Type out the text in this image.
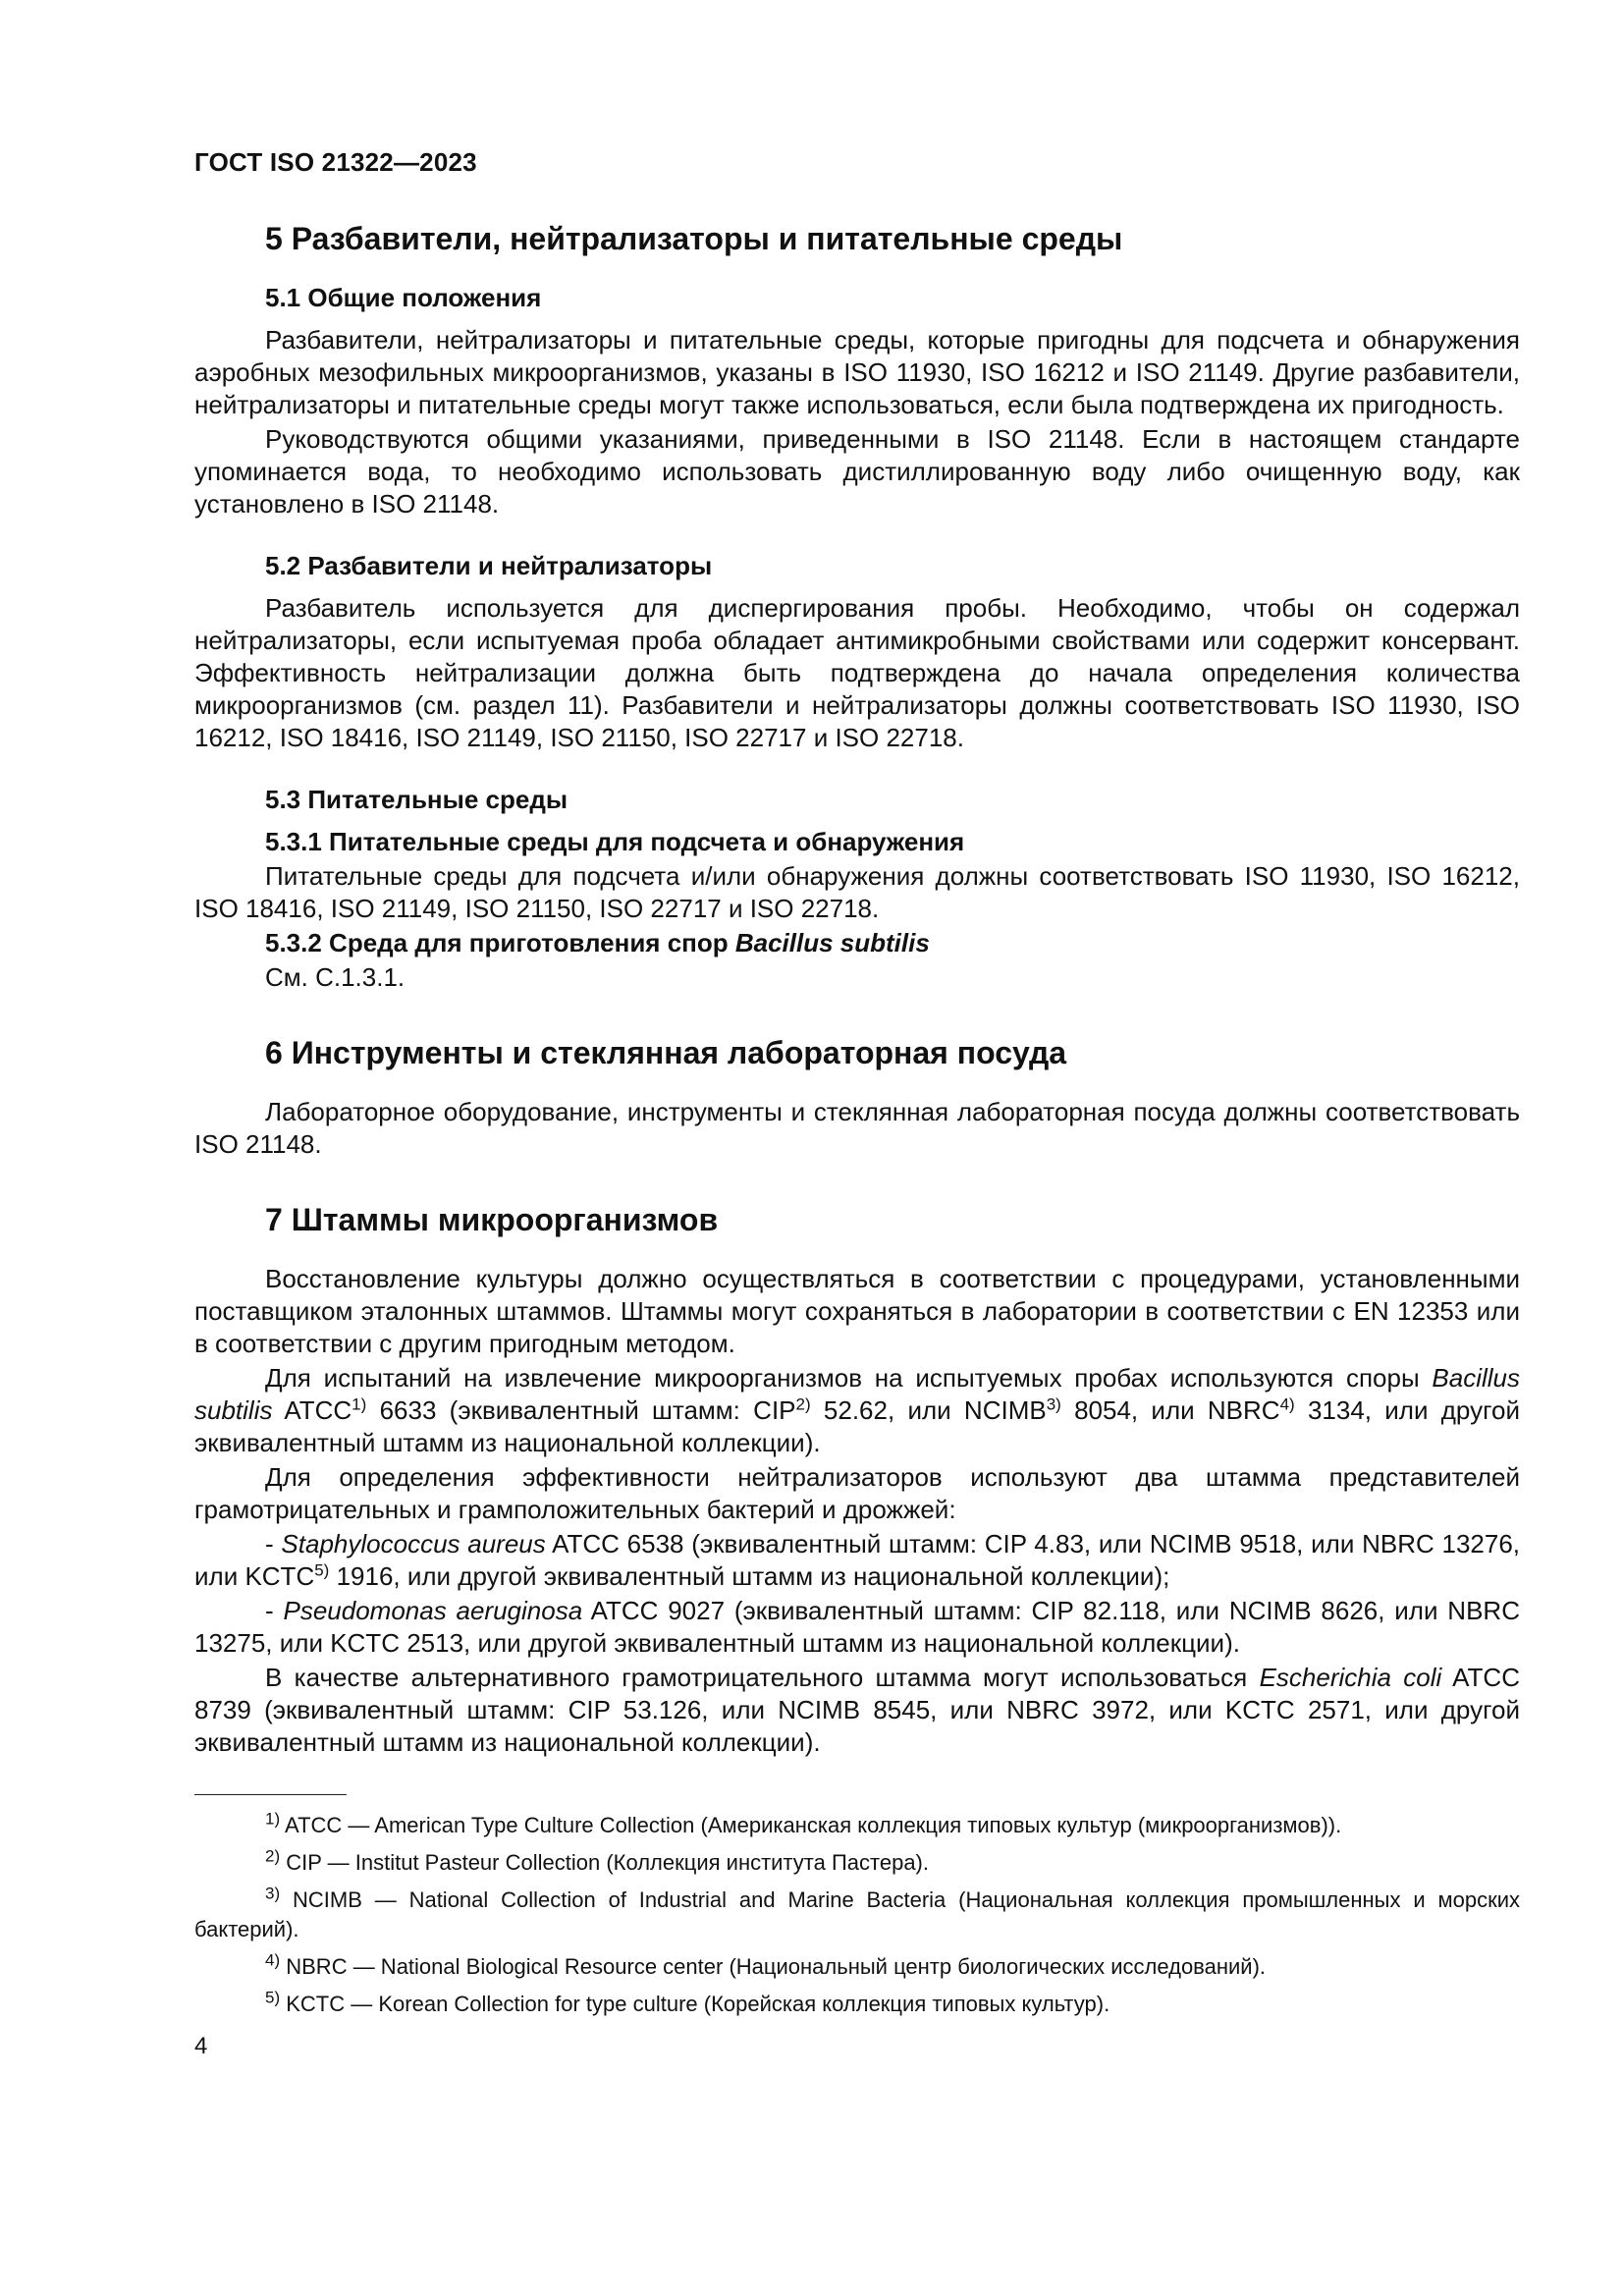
ГОСТ ISO 21322—2023
5 Разбавители, нейтрализаторы и питательные среды
5.1 Общие положения

Разбавители, нейтрализаторы и питательные среды, которые пригодны для подсчета и обнаружения аэробных мезофильных микроорганизмов, указаны в ISO 11930, ISO 16212 и ISO 21149. Другие разбавители, нейтрализаторы и питательные среды могут также использоваться, если была подтверждена их пригодность.

Руководствуются общими указаниями, приведенными в ISO 21148. Если в настоящем стандарте упоминается вода, то необходимо использовать дистиллированную воду либо очищенную воду, как установлено в ISO 21148.

5.2 Разбавители и нейтрализаторы

Разбавитель используется для диспергирования пробы. Необходимо, чтобы он содержал нейтрализаторы, если испытуемая проба обладает антимикробными свойствами или содержит консервант. Эффективность нейтрализации должна быть подтверждена до начала определения количества микроорганизмов (см. раздел 11). Разбавители и нейтрализаторы должны соответствовать ISO 11930, ISO 16212, ISO 18416, ISO 21149, ISO 21150, ISO 22717 и ISO 22718.

5.3 Питательные среды
5.3.1 Питательные среды для подсчета и обнаружения

Питательные среды для подсчета и/или обнаружения должны соответствовать ISO 11930, ISO 16212, ISO 18416, ISO 21149, ISO 21150, ISO 22717 и ISO 22718.

5.3.2 Среда для приготовления спор Bacillus subtilis

См. С.1.3.1.

6 Инструменты и стеклянная лабораторная посуда

Лабораторное оборудование, инструменты и стеклянная лабораторная посуда должны соответствовать ISO 21148.

7 Штаммы микроорганизмов

Восстановление культуры должно осуществляться в соответствии с процедурами, установленными поставщиком эталонных штаммов. Штаммы могут сохраняться в лаборатории в соответствии с EN 12353 или в соответствии с другим пригодным методом.

Для испытаний на извлечение микроорганизмов на испытуемых пробах используются споры Bacillus subtilis ATCC$^{1)}$ 6633 (эквивалентный штамм: CIP$^{2)}$ 52.62, или NCIMB$^{3)}$ 8054, или NBRC$^{4)}$ 3134, или другой эквивалентный штамм из национальной коллекции).

Для определения эффективности нейтрализаторов используют два штамма представителей грамотрицательных и грамположительных бактерий и дрожжей:

- Staphylococcus aureus ATCC 6538 (эквивалентный штамм: CIP 4.83, или NCIMB 9518, или NBRC 13276, или KCTC$^{5)}$ 1916, или другой эквивалентный штамм из национальной коллекции);

- Pseudomonas aeruginosa ATCC 9027 (эквивалентный штамм: CIP 82.118, или NCIMB 8626, или NBRC 13275, или KCTC 2513, или другой эквивалентный штамм из национальной коллекции).

В качестве альтернативного грамотрицательного штамма могут использоваться Escherichia coli ATCC 8739 (эквивалентный штамм: CIP 53.126, или NCIMB 8545, или NBRC 3972, или KCTC 2571, или другой эквивалентный штамм из национальной коллекции).

$^{1)}$ ATCC — American Type Culture Collection (Американская коллекция типовых культур (микроорганизмов)).
$^{2)}$ CIP — Institut Pasteur Collection (Коллекция института Пастера).
$^{3)}$ NCIMB — National Collection of Industrial and Marine Bacteria (Национальная коллекция промышленных и морских бактерий).
$^{4)}$ NBRC — National Biological Resource center (Национальный центр биологических исследований).
$^{5)}$ KCTC — Korean Collection for type culture (Корейская коллекция типовых культур).
4
